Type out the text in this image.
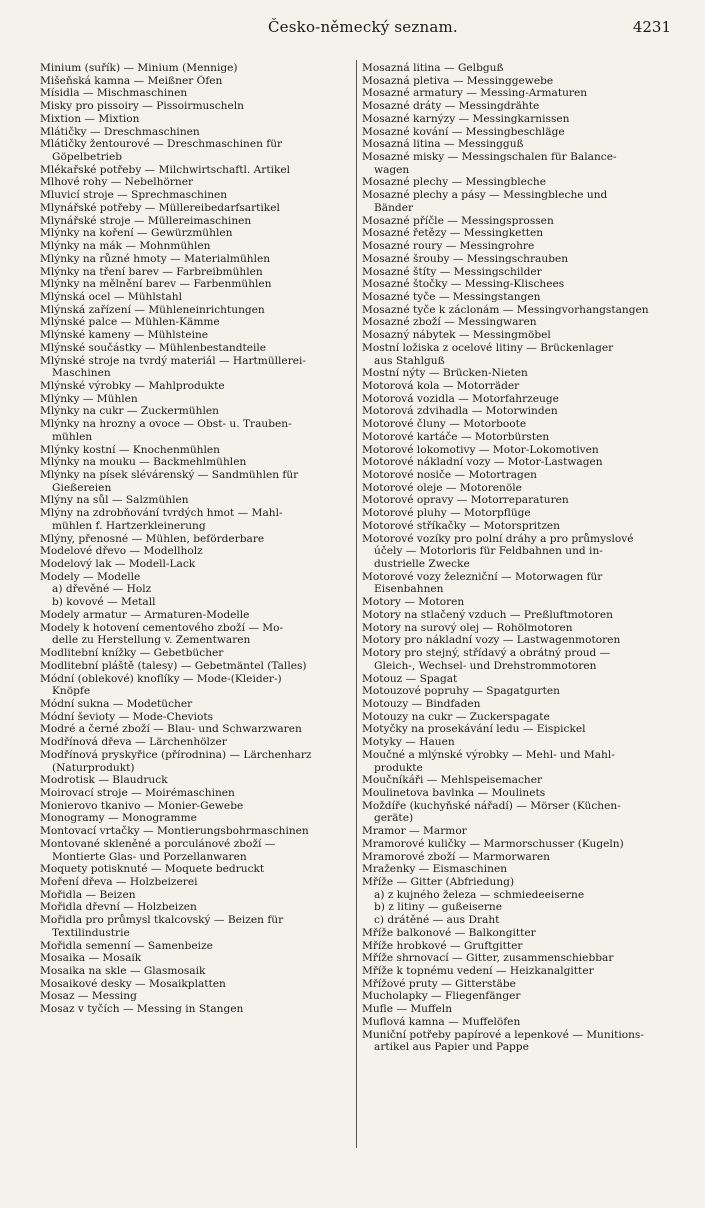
Česko-německý seznam.	4231
Minium (suřík) — Minium (Mennige)
Mišeňská kamna — Meißner Öfen
Mísidla — Mischmaschinen
Misky pro pissoiry — Pissoirmuscheln
Mixtion — Mixtion
Mlátičky — Dreschmaschinen
Mlátičky žentourové — Dreschmaschinen für
Göpelbetrieb
Mlékařské potřeby — Milchwirtschaftl. Artikel
Mlhové rohy — Nebelhörner
Mluvicí stroje — Sprechmaschinen
Mlynářské potřeby — Müllereibedarfsartikel
Mlynářské stroje — Müllereimaschinen
Mlýnky na koření — Gewürzmühlen
Mlýnky na mák — Mohnmühlen
Mlýnky na různé hmoty — Materialmühlen
Mlýnky na tření barev — Farbreibmühlen
Mlýnky na mělnění barev — Farbenmühlen
Mlýnská ocel — Mühlstahl
Mlýnská zařízení — Mühleneinrichtungen
Mlýnské palce — Mühlen-Kämme
Mlýnské kameny — Mühlsteine
Mlýnské součástky — Mühlenbestandteile
Mlýnské stroje na tvrdý materiál — Hartmüllerei-
Maschinen
Mlýnské výrobky — Mahlprodukte
Mlýnky — Mühlen
Mlýnky na cukr — Zuckermühlen
Mlýnky na hrozny a ovoce — Obst- u. Trauben-
mühlen
Mlýnky kostní — Knochenmühlen
Mlýnky na mouku — Backmehlmühlen
Mlýnky na písek slévárenský — Sandmühlen für
Gießereien
Mlýny na sůl — Salzmühlen
Mlýny na zdrobňování tvrdých hmot — Mahl-
mühlen f. Hartzerkleinerung
Mlýny, přenosné — Mühlen, beförderbare
Modelové dřevo — Modellholz
Modelový lak — Modell-Lack
Modely — Modelle
a) dřevěné — Holz
b) kovové — Metall
Modely armatur — Armaturen-Modelle
Modely k hotovení cementového zboží — Mo-
delle zu Herstellung v. Zementwaren
Modlitební knížky — Gebetbücher
Modlitební pláště (talesy) — Gebetmäntel (Talles)
Módní (oblekové) knoflíky — Mode-(Kleider-)
Knöpfe
Módní sukna — Modetücher
Módní ševioty — Mode-Cheviots
Modré a černé zboží — Blau- und Schwarzwaren
Modřínová dřeva — Lärchenhölzer
Modřínová pryskyřice (přírodnina) — Lärchenharz
(Naturprodukt)
Modrotisk — Blaudruck
Moirovací stroje — Moirémaschinen
Monierovo tkanivo — Monier-Gewebe
Monogramy — Monogramme
Montovací vrtačky — Montierungsbohrmaschinen
Montované skleněné a porculánové zboží —
Montierte Glas- und Porzellanwaren
Moquety potisknuté — Moquete bedruckt
Moření dřeva — Holzbeizerei
Mořidla — Beizen
Mořidla dřevní — Holzbeizen
Mořidla pro průmysl tkalcovský — Beizen für
Textilindustrie
Mořidla semenní — Samenbeize
Mosaika — Mosaik
Mosaika na skle — Glasmosaik
Mosaikové desky — Mosaikplatten
Mosaz — Messing
Mosaz v tyčích — Messing in Stangen
Mosazná litina — Gelbguß
Mosazná pletiva — Messinggewebe
Mosazné armatury — Messing-Armaturen
Mosazné dráty — Messingdrähte
Mosazné karnýzy — Messingkarnissen
Mosazné kování — Messingbeschläge
Mosazná litina — Messingguß
Mosazné misky — Messingschalen für Balance-
wagen
Mosazné plechy — Messingbleche
Mosazné plechy a pásy — Messingbleche und
Bänder
Mosazné příčle — Messingsprossen
Mosazné řetězy — Messingketten
Mosazné roury — Messingrohre
Mosazné šrouby — Messingschrauben
Mosazné štíty — Messingschilder
Mosazné štočky — Messing-Klischees
Mosazné tyče — Messingstangen
Mosazné tyče k záclonám — Messingvorhangstangen
Mosazné zboží — Messingwaren
Mosazný nábytek — Messingmöbel
Mostní ložiska z ocelové litiny — Brückenlager
aus Stahlguß
Mostní nýty — Brücken-Nieten
Motorová kola — Motorräder
Motorová vozidla — Motorfahrzeuge
Motorová zdvihadla — Motorwinden
Motorové čluny — Motorboote
Motorové kartáče — Motorbürsten
Motorové lokomotivy — Motor-Lokomotiven
Motorové nákladní vozy — Motor-Lastwagen
Motorové nosiče — Motortragen
Motorové oleje — Motorenöle
Motorové opravy — Motorreparaturen
Motorové pluhy — Motorpflüge
Motorové stříkačky — Motorspritzen
Motorové vozíky pro polní dráhy a pro průmyslové
účely — Motorloris für Feldbahnen und in-
dustrielle Zwecke
Motorové vozy železniční — Motorwagen für
Eisenbahnen
Motory — Motoren
Motory na stlačený vzduch — Preßluftmotoren
Motory na surový olej — Rohölmotoren
Motory pro nákladní vozy — Lastwagenmotoren
Motory pro stejný, střídavý a obrátný proud —
Gleich-, Wechsel- und Drehstrommotoren
Motouz — Spagat
Motouzové popruhy — Spagatgurten
Motouzy — Bindfaden
Motouzy na cukr — Zuckerspagate
Motyčky na prosekávání ledu — Eispickel
Motyky — Hauen
Moučné a mlýnské výrobky — Mehl- und Mahl-
produkte
Moučníkáři — Mehlspeisemacher
Moulinetova bavlnka — Moulinets
Moždíře (kuchyňské nářadí) — Mörser (Küchen-
geräte)
Mramor — Marmor
Mramorové kuličky — Marmorschusser (Kugeln)
Mramorové zboží — Marmorwaren
Mraženky — Eismaschinen
Mříže — Gitter (Abfriedung)
a) z kujného železa — schmiedeeiserne
b) z litiny — gußeiserne
c) drátěné — aus Draht
Mříže balkonové — Balkongitter
Mříže hrobkové — Gruftgitter
Mříže shrnovací — Gitter, zusammenschiebbar
Mříže k topnému vedení — Heizkanalgitter
Mřížové pruty — Gitterstäbe
Mucholapky — Fliegenfänger
Mufle — Muffeln
Muflová kamna — Muffelöfen
Muniční potřeby papírové a lepenkové — Munitions-
artikel aus Papier und Pappe
